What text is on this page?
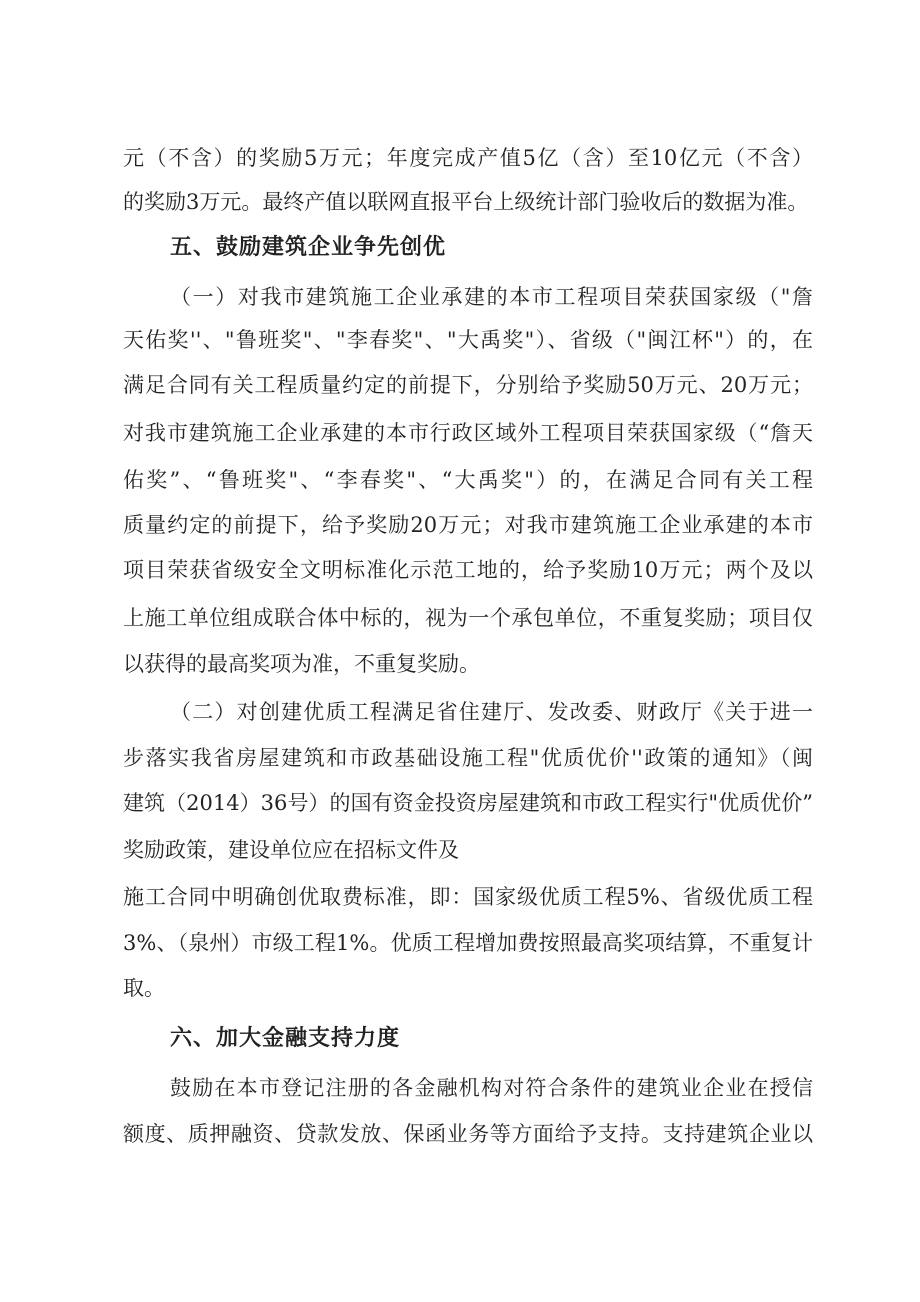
元（不含）的奖励5万元；年度完成产值5亿（含）至10亿元（不含）

的奖励3万元。最终产值以联网直报平台上级统计部门验收后的数据为准。

五、鼓励建筑企业争先创优

（一）对我市建筑施工企业承建的本市工程项目荣获国家级（"詹

天佑奖''、"鲁班奖"、"李春奖"、"大禹奖"）、省级（"闽江杯"）的，在

满足合同有关工程质量约定的前提下，分别给予奖励50万元、20万元；

对我市建筑施工企业承建的本市行政区域外工程项目荣获国家级（“詹天

佑奖”、“鲁班奖"、“李春奖"、“大禹奖"）的，在满足合同有关工程

质量约定的前提下，给予奖励20万元；对我市建筑施工企业承建的本市

项目荣获省级安全文明标准化示范工地的，给予奖励10万元；两个及以

上施工单位组成联合体中标的，视为一个承包单位，不重复奖励；项目仅

以获得的最高奖项为准，不重复奖励。

（二）对创建优质工程满足省住建厅、发改委、财政厅《关于进一

步落实我省房屋建筑和市政基础设施工程"优质优价''政策的通知》（闽

建筑（2014）36号）的国有资金投资房屋建筑和市政工程实行"优质优价”

奖励政策，建设单位应在招标文件及

施工合同中明确创优取费标准，即：国家级优质工程5%、省级优质工程

3%、（泉州）市级工程1%。优质工程增加费按照最高奖项结算，不重复计

取。

六、加大金融支持力度

鼓励在本市登记注册的各金融机构对符合条件的建筑业企业在授信

额度、质押融资、贷款发放、保函业务等方面给予支持。支持建筑企业以
